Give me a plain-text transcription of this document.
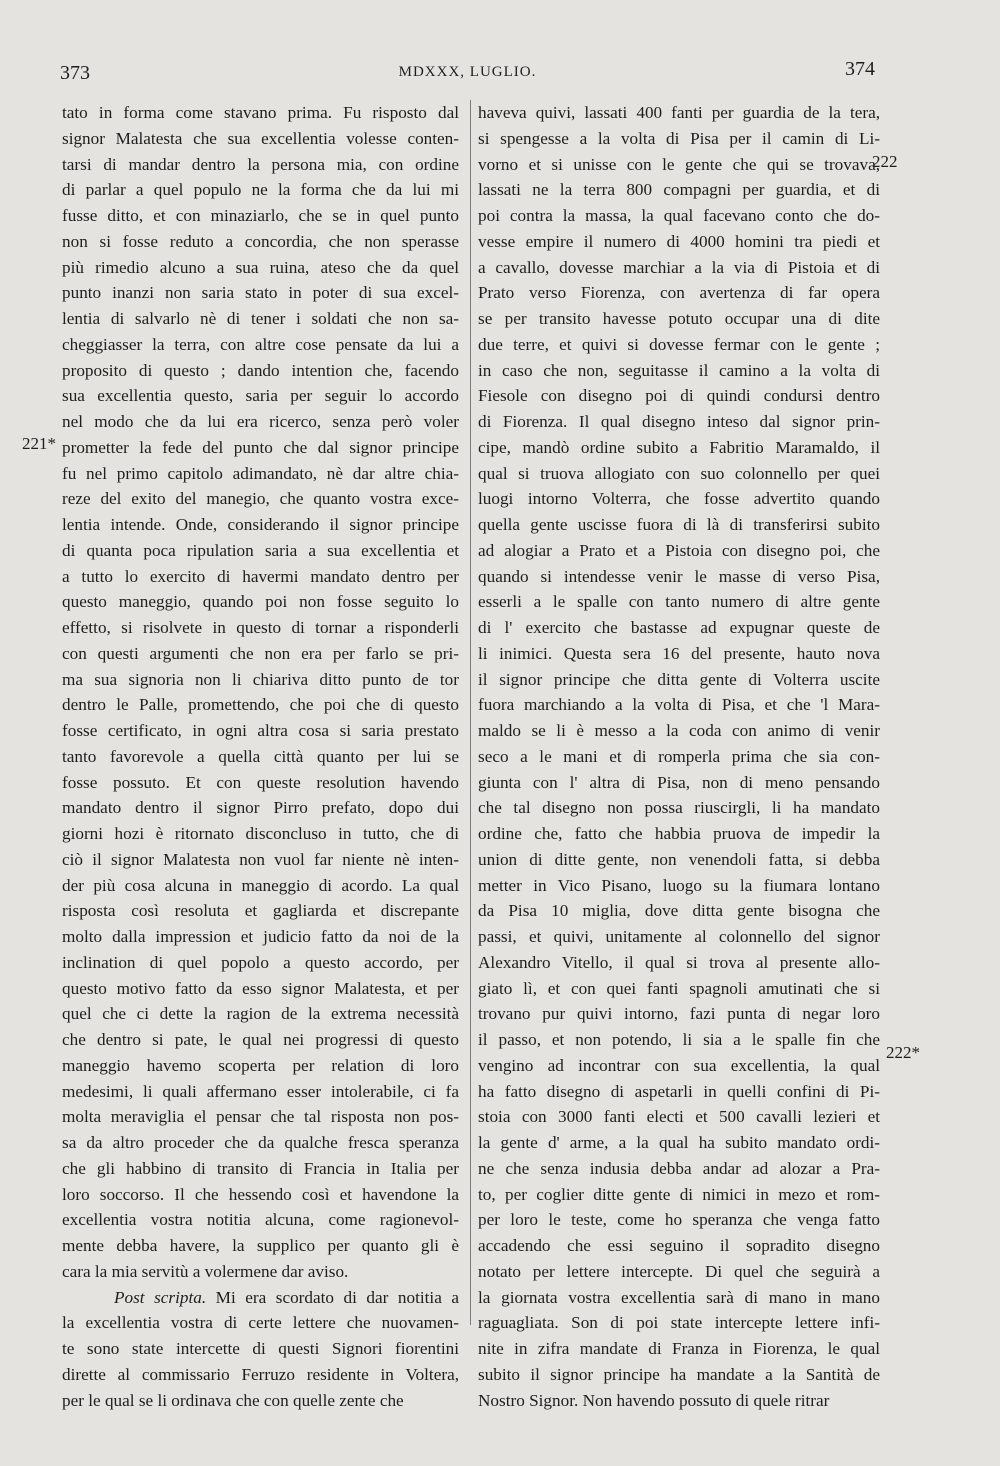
373	MDXXX, LUGLIO.	374
tato in forma come stavano prima. Fu risposto dal
signor Malatesta che sua excellentia volesse conten-
tarsi di mandar dentro la persona mia, con ordine
di parlar a quel populo ne la forma che da lui mi
fusse ditto, et con minaziarlo, che se in quel punto
non si fosse reduto a concordia, che non sperasse
più rimedio alcuno a sua ruina, ateso che da quel
punto inanzi non saria stato in poter di sua excel-
lentia di salvarlo nè di tener i soldati che non sa-
cheggiasser la terra, con altre cose pensate da lui a
proposito di questo ; dando intention che, facendo
sua excellentia questo, saria per seguir lo accordo
nel modo che da lui era ricerco, senza però voler
prometter la fede del punto che dal signor principe
fu nel primo capitolo adimandato, nè dar altre chia-
reze del exito del manegio, che quanto vostra exce-
lentia intende. Onde, considerando il signor principe
di quanta poca ripulation saria a sua excellentia et
a tutto lo exercito di havermi mandato dentro per
questo maneggio, quando poi non fosse seguito lo
effetto, si risolvete in questo di tornar a risponderli
con questi argumenti che non era per farlo se pri-
ma sua signoria non li chiariva ditto punto de tor
dentro le Palle, promettendo, che poi che di questo
fosse certificato, in ogni altra cosa si saria prestato
tanto favorevole a quella città quanto per lui se
fosse possuto. Et con queste resolution havendo
mandato dentro il signor Pirro prefato, dopo dui
giorni hozi è ritornato disconcluso in tutto, che di
ciò il signor Malatesta non vuol far niente nè inten-
der più cosa alcuna in maneggio di acordo. La qual
risposta così resoluta et gagliarda et discrepante
molto dalla impression et judicio fatto da noi de la
inclination di quel popolo a questo accordo, per
questo motivo fatto da esso signor Malatesta, et per
quel che ci dette la ragion de la extrema necessità
che dentro si pate, le qual nei progressi di questo
maneggio havemo scoperta per relation di loro
medesimi, li quali affermano esser intolerabile, ci fa
molta meraviglia el pensar che tal risposta non pos-
sa da altro proceder che da qualche fresca speranza
che gli habbino di transito di Francia in Italia per
loro soccorso. Il che hessendo così et havendone la
excellentia vostra notitia alcuna, come ragionevol-
mente debba havere, la supplico per quanto gli è
cara la mia servitù a volermene dar aviso.
Post scripta. Mi era scordato di dar notitia a
la excellentia vostra di certe lettere che nuovamen-
te sono state intercette di questi Signori fiorentini
dirette al commissario Ferruzo residente in Voltera,
per le qual se li ordinava che con quelle zente che
haveva quivi, lassati 400 fanti per guardia de la tera,
si spengesse a la volta di Pisa per il camin di Li-
vorno et si unisse con le gente che qui se trovava,
lassati ne la terra 800 compagni per guardia, et di
poi contra la massa, la qual facevano conto che do-
vesse empire il numero di 4000 homini tra piedi et
a cavallo, dovesse marchiar a la via di Pistoia et di
Prato verso Fiorenza, con avertenza di far opera
se per transito havesse potuto occupar una di dite
due terre, et quivi si dovesse fermar con le gente ;
in caso che non, seguitasse il camino a la volta di
Fiesole con disegno poi di quindi condursi dentro
di Fiorenza. Il qual disegno inteso dal signor prin-
cipe, mandò ordine subito a Fabritio Maramaldo, il
qual si truova allogiato con suo colonnello per quei
luogi intorno Volterra, che fosse advertito quando
quella gente uscisse fuora di là di transferirsi subito
ad alogiar a Prato et a Pistoia con disegno poi, che
quando si intendesse venir le masse di verso Pisa,
esserli a le spalle con tanto numero di altre gente
di l' exercito che bastasse ad expugnar queste de
li inimici. Questa sera 16 del presente, hauto nova
il signor principe che ditta gente di Volterra uscite
fuora marchiando a la volta di Pisa, et che 'l Mara-
maldo se li è messo a la coda con animo di venir
seco a le mani et di romperla prima che sia con-
giunta con l' altra di Pisa, non di meno pensando
che tal disegno non possa riuscirgli, li ha mandato
ordine che, fatto che habbia pruova de impedir la
union di ditte gente, non venendoli fatta, si debba
metter in Vico Pisano, luogo su la fiumara lontano
da Pisa 10 miglia, dove ditta gente bisogna che
passi, et quivi, unitamente al colonnello del signor
Alexandro Vitello, il qual si trova al presente allo-
giato lì, et con quei fanti spagnoli amutinati che si
trovano pur quivi intorno, fazi punta di negar loro
il passo, et non potendo, li sia a le spalle fin che
vengino ad incontrar con sua excellentia, la qual
ha fatto disegno di aspetarli in quelli confini di Pi-
stoia con 3000 fanti electi et 500 cavalli lezieri et
la gente d' arme, a la qual ha subito mandato ordi-
ne che senza indusia debba andar ad alozar a Pra-
to, per coglier ditte gente di nimici in mezo et rom-
per loro le teste, come ho speranza che venga fatto
accadendo che essi seguino il sopradito disegno
notato per lettere intercepte. Di quel che seguirà a
la giornata vostra excellentia sarà di mano in mano
raguagliata. Son di poi state intercepte lettere infi-
nite in zifra mandate di Franza in Fiorenza, le qual
subito il signor principe ha mandate a la Santità de
Nostro Signor. Non havendo possuto di quele ritrar
221*
222
222*
